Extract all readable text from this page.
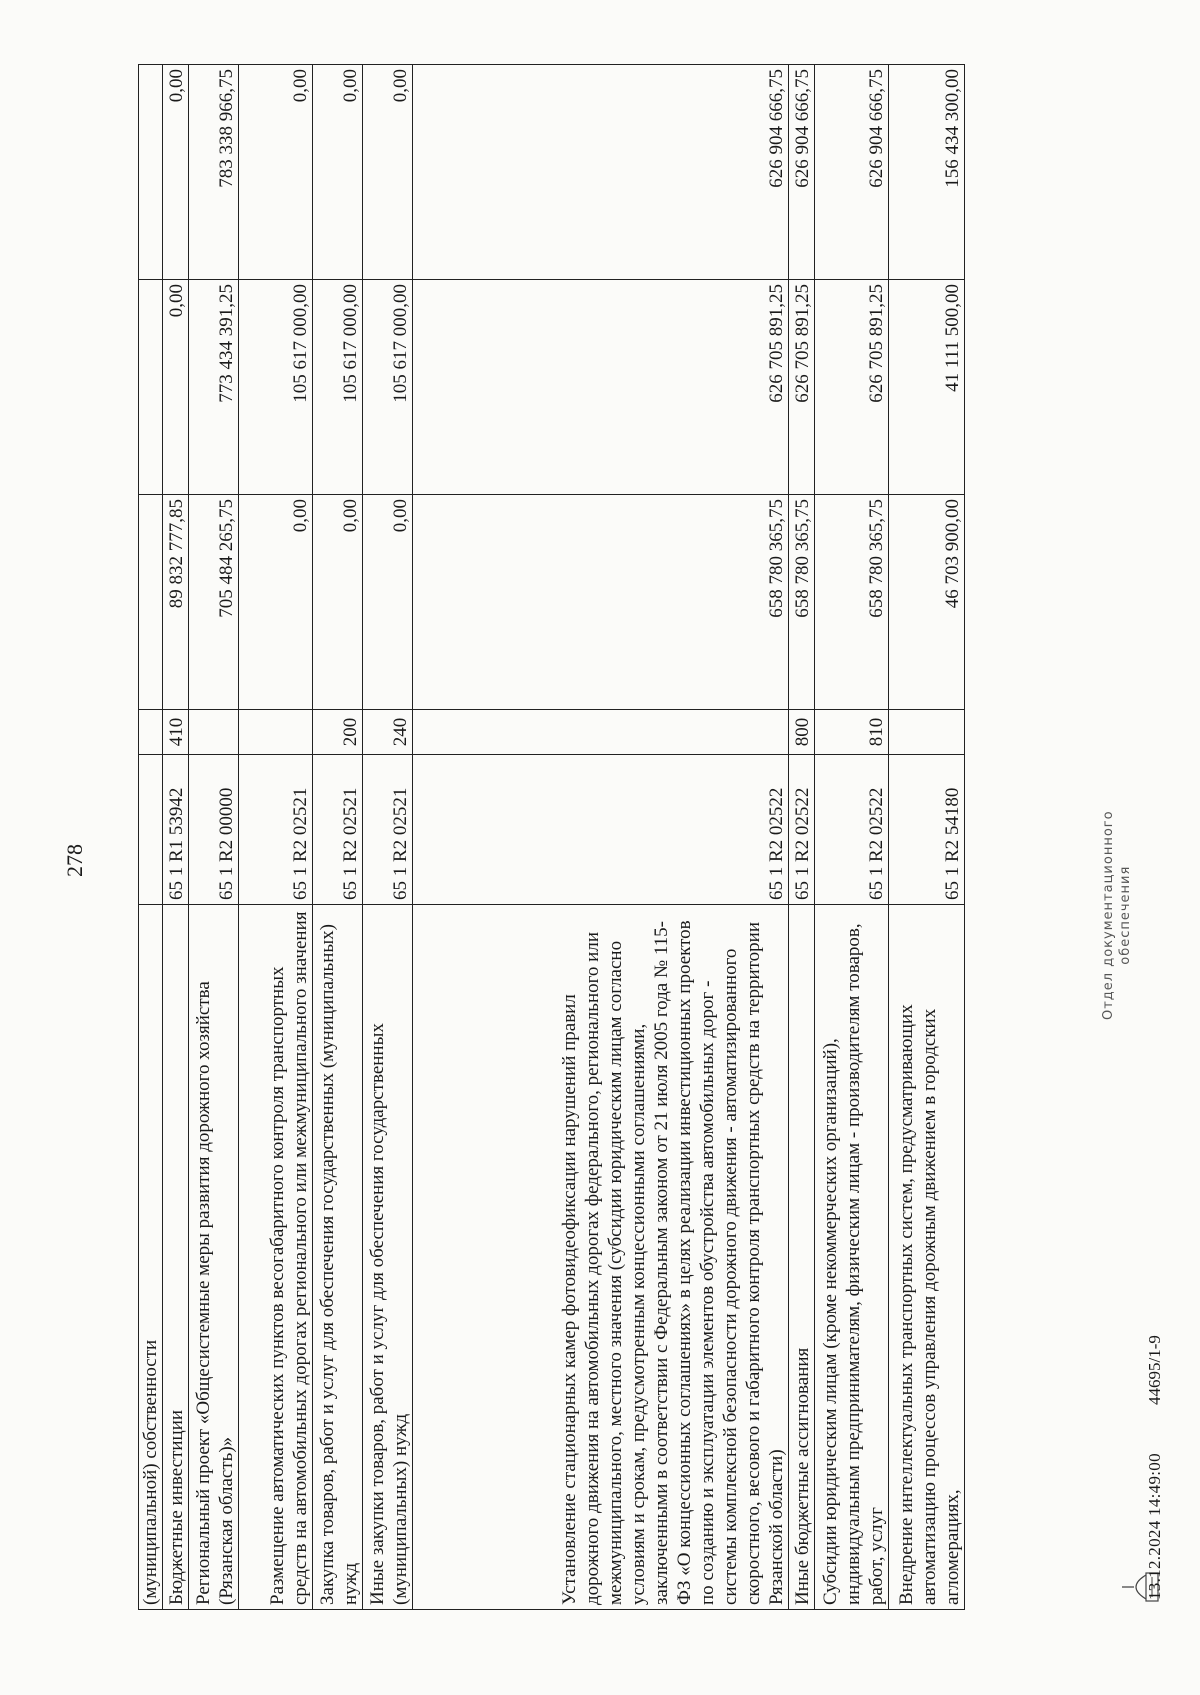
278
(муниципальной) собственности					
Бюджетные инвестиции	65 1 R1 53942	410	89 832 777,85	0,00	0,00
Региональный проект «Общесистемные меры развития дорожного хозяйства (Рязанская область)»	65 1 R2 00000		705 484 265,75	773 434 391,25	783 338 966,75
Размещение автоматических пунктов весогабаритного контроля транспортных средств на автомобильных дорогах регионального или межмуниципального значения	65 1 R2 02521		0,00	105 617 000,00	0,00
Закупка товаров, работ и услуг для обеспечения государственных (муниципальных) нужд	65 1 R2 02521	200	0,00	105 617 000,00	0,00
Иные закупки товаров, работ и услуг для обеспечения государственных (муниципальных) нужд	65 1 R2 02521	240	0,00	105 617 000,00	0,00
Установление стационарных камер фотовидеофиксации нарушений правил дорожного движения на автомобильных дорогах федерального, регионального или межмуниципального, местного значения (субсидии юридическим лицам согласно условиям и срокам, предусмотренным концессионными соглашениями, заключенными в соответствии с Федеральным законом от 21 июля 2005 года № 115-ФЗ «О концессионных соглашениях» в целях реализации инвестиционных проектов по созданию и эксплуатации элементов обустройства автомобильных дорог - системы комплексной безопасности дорожного движения - автоматизированного скоростного, весового и габаритного контроля транспортных средств на территории Рязанской области)	65 1 R2 02522		658 780 365,75	626 705 891,25	626 904 666,75
Иные бюджетные ассигнования	65 1 R2 02522	800	658 780 365,75	626 705 891,25	626 904 666,75
Субсидии юридическим лицам (кроме некоммерческих организаций), индивидуальным предпринимателям, физическим лицам - производителям товаров, работ, услуг	65 1 R2 02522	810	658 780 365,75	626 705 891,25	626 904 666,75
Внедрение интеллектуальных транспортных систем, предусматривающих автоматизацию процессов управления дорожным движением в городских агломерациях,	65 1 R2 54180		46 703 900,00	41 111 500,00	156 434 300,00
13.12.2024 14:49:00
44695/1-9
Отдел документационного обеспечения
